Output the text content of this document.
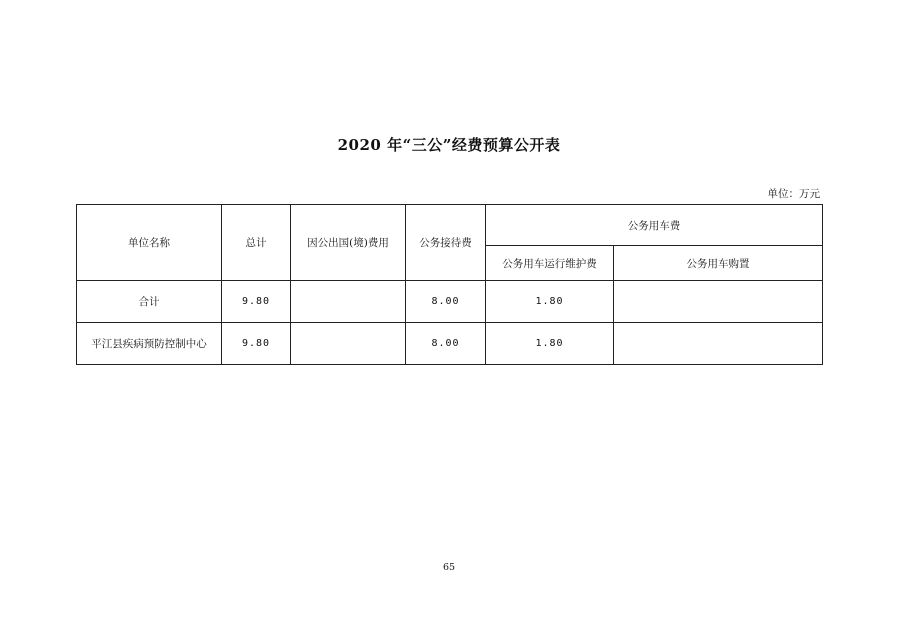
2020 年“三公”经费预算公开表
单位：万元
单位名称	总计	因公出国(境)费用	公务接待费	公务用车费	
				公务用车运行维护费	公务用车购置
合计	9.80		8.00	1.80	
平江县疾病预防控制中心	9.80		8.00	1.80	
65
